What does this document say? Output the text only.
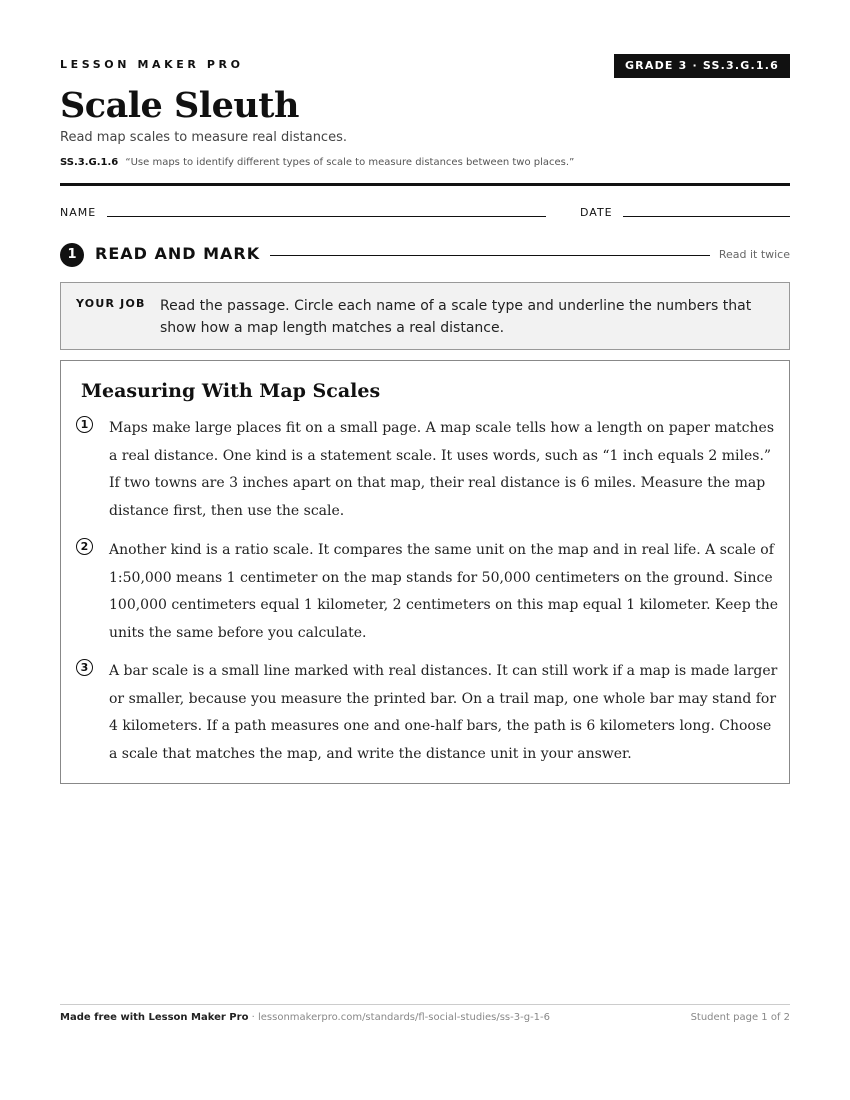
LESSON MAKER PRO	GRADE 3 · SS.3.G.1.6
Scale Sleuth
Read map scales to measure real distances.
SS.3.G.1.6 “Use maps to identify different types of scale to measure distances between two places.”
NAME	DATE
1	READ AND MARK	Read it twice
YOUR JOB Read the passage. Circle each name of a scale type and underline the numbers that show how a map length matches a real distance.
Measuring With Map Scales
1	Maps make large places fit on a small page. A map scale tells how a length on paper matches a real distance. One kind is a statement scale. It uses words, such as “1 inch equals 2 miles.” If two towns are 3 inches apart on that map, their real distance is 6 miles. Measure the map distance first, then use the scale.

2	Another kind is a ratio scale. It compares the same unit on the map and in real life. A scale of 1:50,000 means 1 centimeter on the map stands for 50,000 centimeters on the ground. Since 100,000 centimeters equal 1 kilometer, 2 centimeters on this map equal 1 kilometer. Keep the units the same before you calculate.

3	A bar scale is a small line marked with real distances. It can still work if a map is made larger or smaller, because you measure the printed bar. On a trail map, one whole bar may stand for 4 kilometers. If a path measures one and one-half bars, the path is 6 kilometers long. Choose a scale that matches the map, and write the distance unit in your answer.

Made free with Lesson Maker Pro · lessonmakerpro.com/standards/fl-social-studies/ss-3-g-1-6	Student page 1 of 2
